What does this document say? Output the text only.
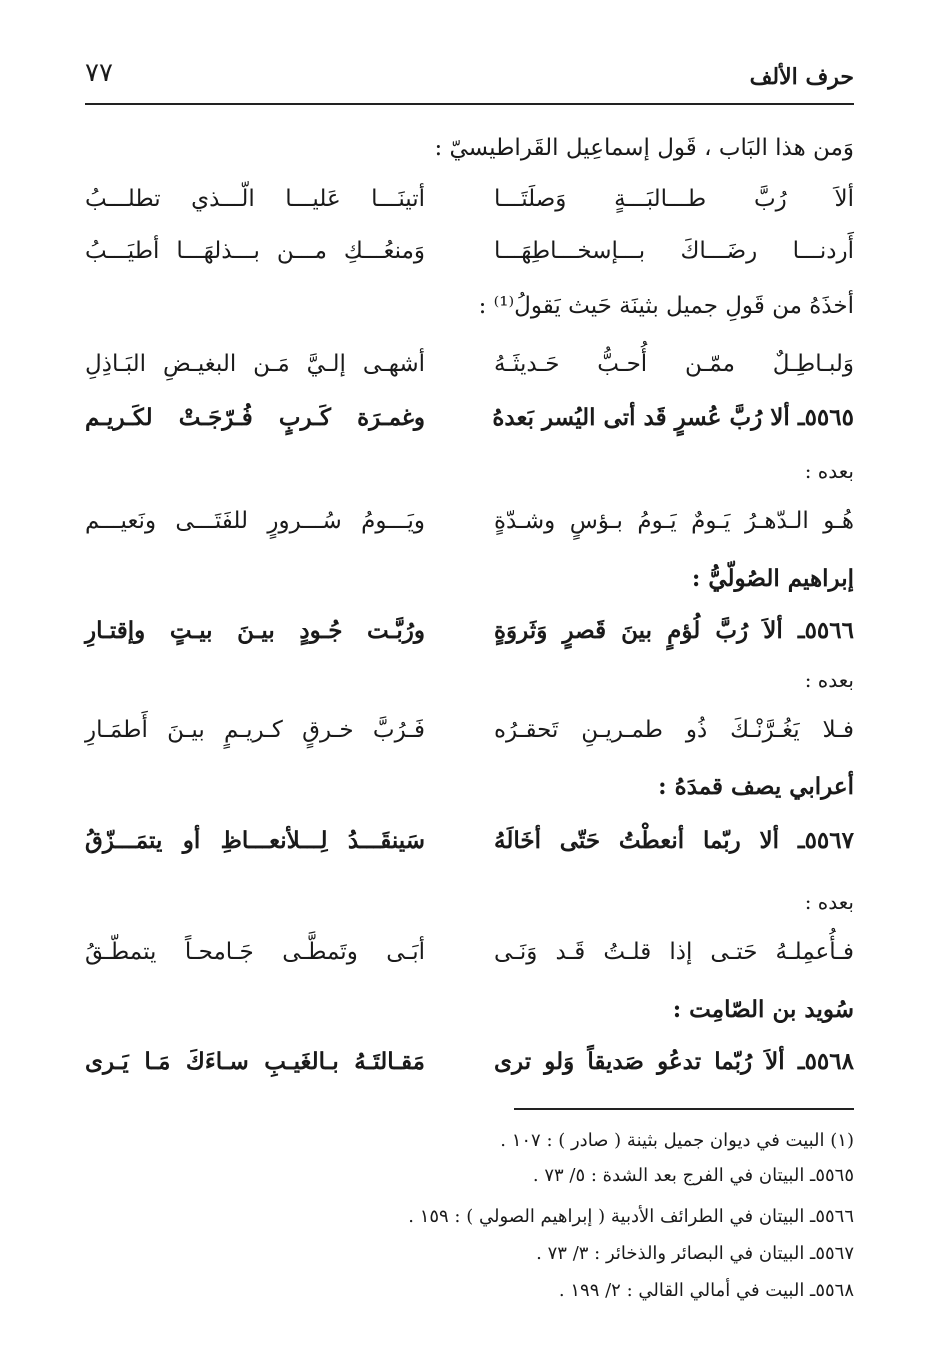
حرف الألف
٧٧
وَمن هذا البَاب ، قَول إسماعِيل القَراطيسيّ :
ألاَ رُبَّ طـــالبَـــةٍ وَصلَتَـــا
أتينَـــا عَليـــا الّـــذي تطلـــبُ
أَردنـــا رضَـــاكَ بـــإسخـــاطِهَـــا
وَمنعُـــكِ مـــن بـــذلهَـــا أطيَـــبُ
أخذَهُ من قَولِ جميل بثينَة حَيث يَقولُ⁽¹⁾ :
وَلبـاطِـلٌ ممّـن أُحـبُّ حَـديثَـهُ
أشهـى إلـيَّ مَـن البغيـضِ البَـاذِلِ
٥٥٦٥ـ ألا رُبَّ عُسرٍ قَد أتى اليُسر بَعدهُ
وغمـرَة كَـربٍ فُـرّجَـتْ لكَـريـم
بعده :
هُـو الـدّهـرُ يَـومٌ يَـومُ بـؤسٍ وشـدّةٍ
ويَـــومُ سُـــرورٍ للفَتَـــى ونَعيـــم
إبراهيم الصُولّيُّ :
٥٥٦٦ـ ألاَ رُبَّ لُؤمٍ بينَ قَصرٍ وَثَروَةٍ
ورُبَّـت جُـودٍ بيـنَ بيـتٍ وإقتـارِ
بعده :
فـلا يَغُـرَّنْـكَ ذُو طمـريـنِ تَحقـرُه
فَـرُبَّ خـرقٍ كـريـمٍ بيـنَ أَطمَـارِ
أعرابي يصف قمدَهُ :
٥٥٦٧ـ ألا ربّما أنعطْتُ حَتّى أخَالَهُ
سَينقَـــدُ لِـــلأنعـــاظِ أو يتمَـــزّقُ
بعده :
فـأُعمِلـهُ حَتـى إذا قلـتُ قَـد وَنَـى
أبَـى وتَمطَّـى جَـامحـاً يتمطّـقُ
سُويد بن الصّامِت :
٥٥٦٨ـ ألاَ رُبّما تدعُو صَديقاً وَلو ترى
مَقـالتَـهُ بـالغَيـبِ سـاءَكَ مَـا يَـرى
(١) البيت في ديوان جميل بثينة ( صادر ) : ١٠٧ .
٥٥٦٥ـ البيتان في الفرج بعد الشدة : ٥/ ٧٣ .
٥٥٦٦ـ البيتان في الطرائف الأدبية ( إبراهيم الصولي ) : ١٥٩ .
٥٥٦٧ـ البيتان في البصائر والذخائر : ٣/ ٧٣ .
٥٥٦٨ـ البيت في أمالي القالي : ٢/ ١٩٩ .
